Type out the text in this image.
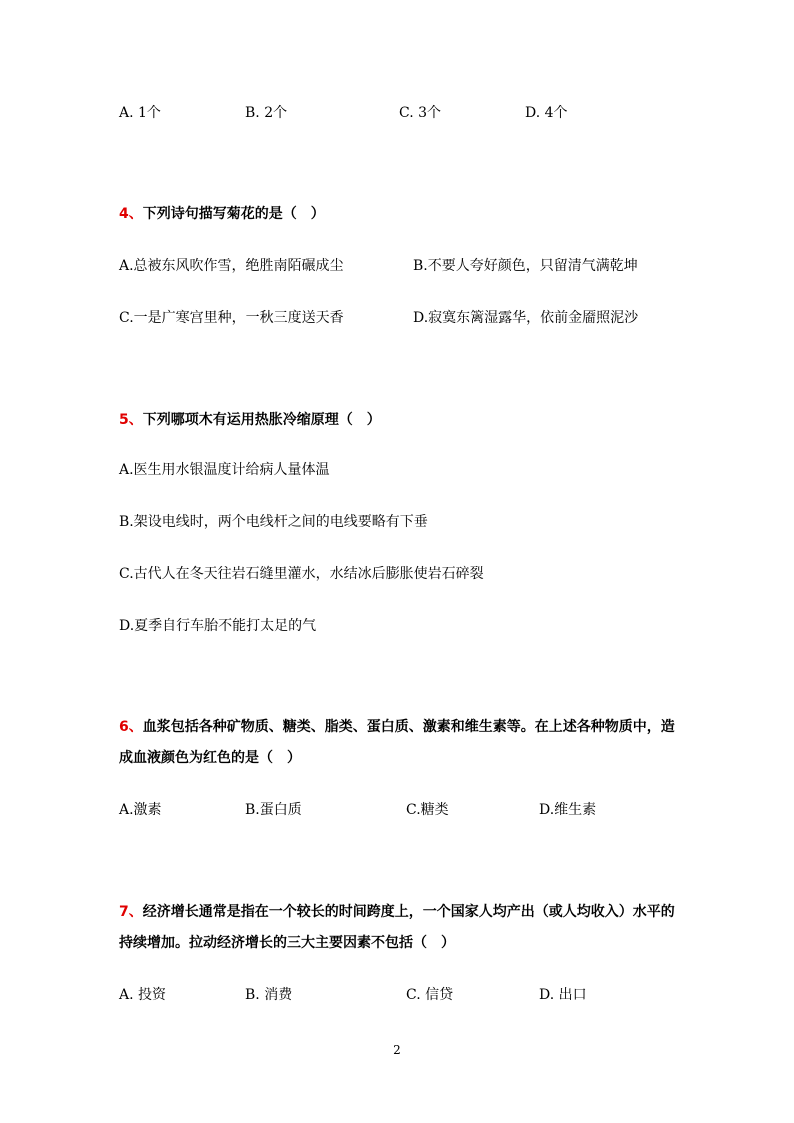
A. 1个	B. 2个	C. 3个	D. 4个
4、下列诗句描写菊花的是（　）
A.总被东风吹作雪，绝胜南陌碾成尘	B.不要人夸好颜色，只留清气满乾坤
C.一是广寒宫里种，一秋三度送天香	D.寂寞东篱湿露华，依前金靥照泥沙
5、下列哪项木有运用热胀冷缩原理（　）
A.医生用水银温度计给病人量体温
B.架设电线时，两个电线杆之间的电线要略有下垂
C.古代人在冬天往岩石缝里灌水，水结冰后膨胀使岩石碎裂
D.夏季自行车胎不能打太足的气
6、血浆包括各种矿物质、糖类、脂类、蛋白质、激素和维生素等。在上述各种物质中，造
成血液颜色为红色的是（　）
A.激素	B.蛋白质	C.糖类	D.维生素
7、经济增长通常是指在一个较长的时间跨度上，一个国家人均产出（或人均收入）水平的
持续增加。拉动经济增长的三大主要因素不包括（　）
A. 投资	B. 消费	C. 信贷	D. 出口
2
